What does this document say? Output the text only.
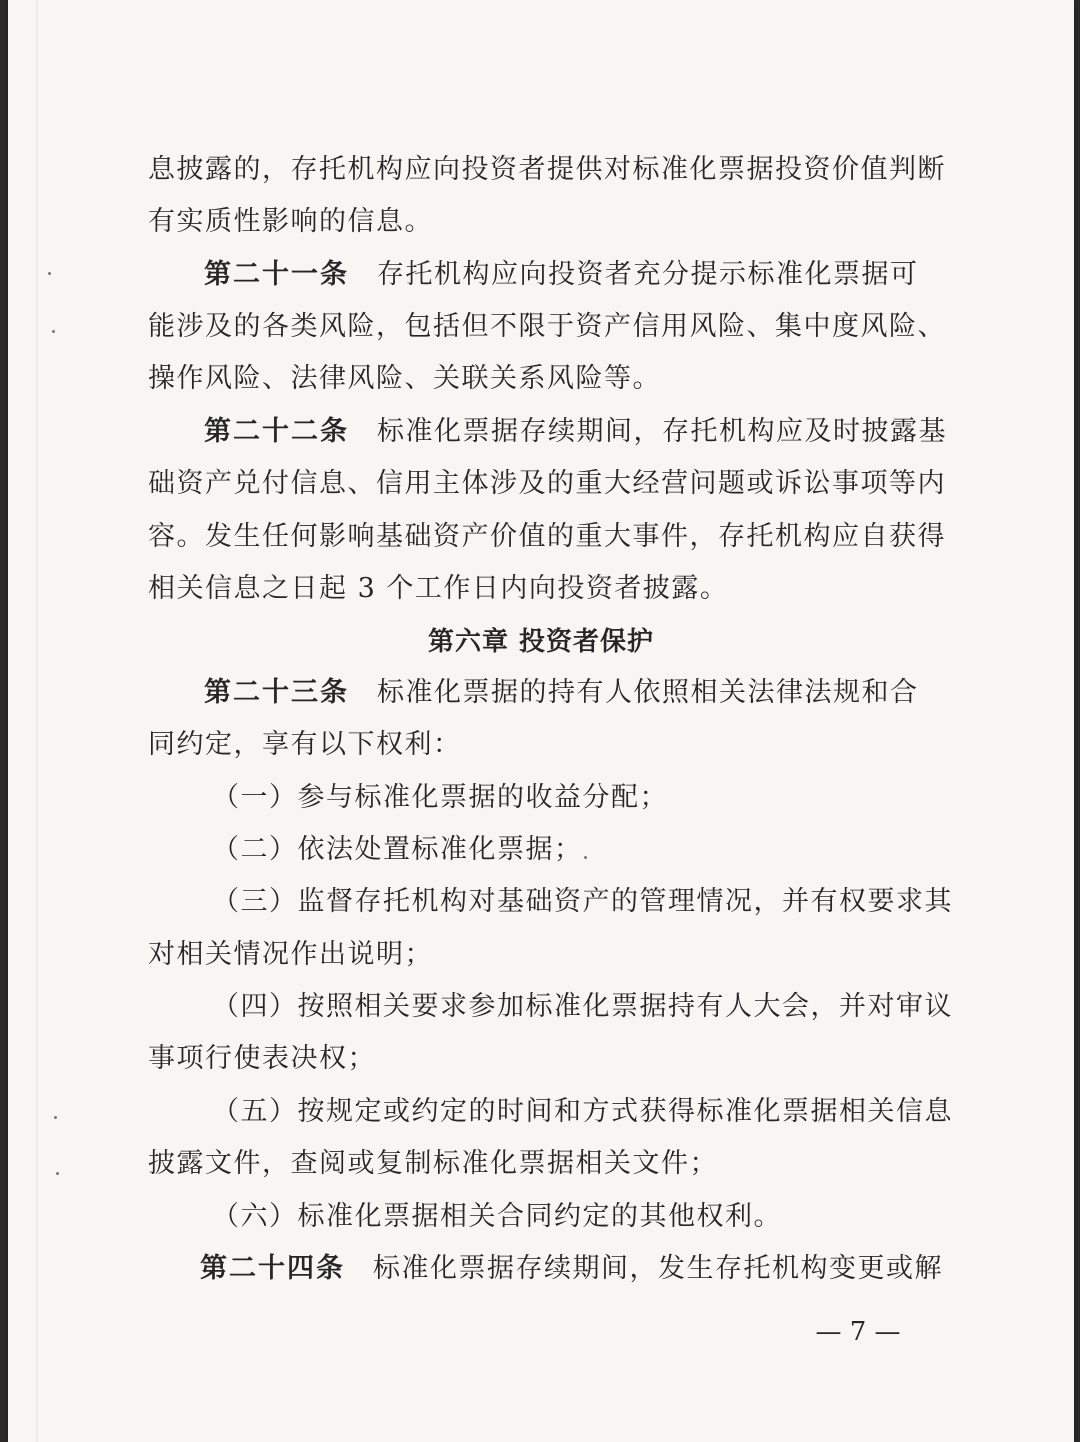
息披露的，存托机构应向投资者提供对标准化票据投资价值判断
有实质性影响的信息。
第二十一条 存托机构应向投资者充分提示标准化票据可
能涉及的各类风险，包括但不限于资产信用风险、集中度风险、
操作风险、法律风险、关联关系风险等。
第二十二条 标准化票据存续期间，存托机构应及时披露基
础资产兑付信息、信用主体涉及的重大经营问题或诉讼事项等内
容。发生任何影响基础资产价值的重大事件，存托机构应自获得
相关信息之日起 3 个工作日内向投资者披露。
第六章 投资者保护
第二十三条 标准化票据的持有人依照相关法律法规和合
同约定，享有以下权利：
（一）参与标准化票据的收益分配；
（二）依法处置标准化票据；
（三）监督存托机构对基础资产的管理情况，并有权要求其
对相关情况作出说明；
（四）按照相关要求参加标准化票据持有人大会，并对审议
事项行使表决权；
（五）按规定或约定的时间和方式获得标准化票据相关信息
披露文件，查阅或复制标准化票据相关文件；
（六）标准化票据相关合同约定的其他权利。
第二十四条 标准化票据存续期间，发生存托机构变更或解
— 7 —
